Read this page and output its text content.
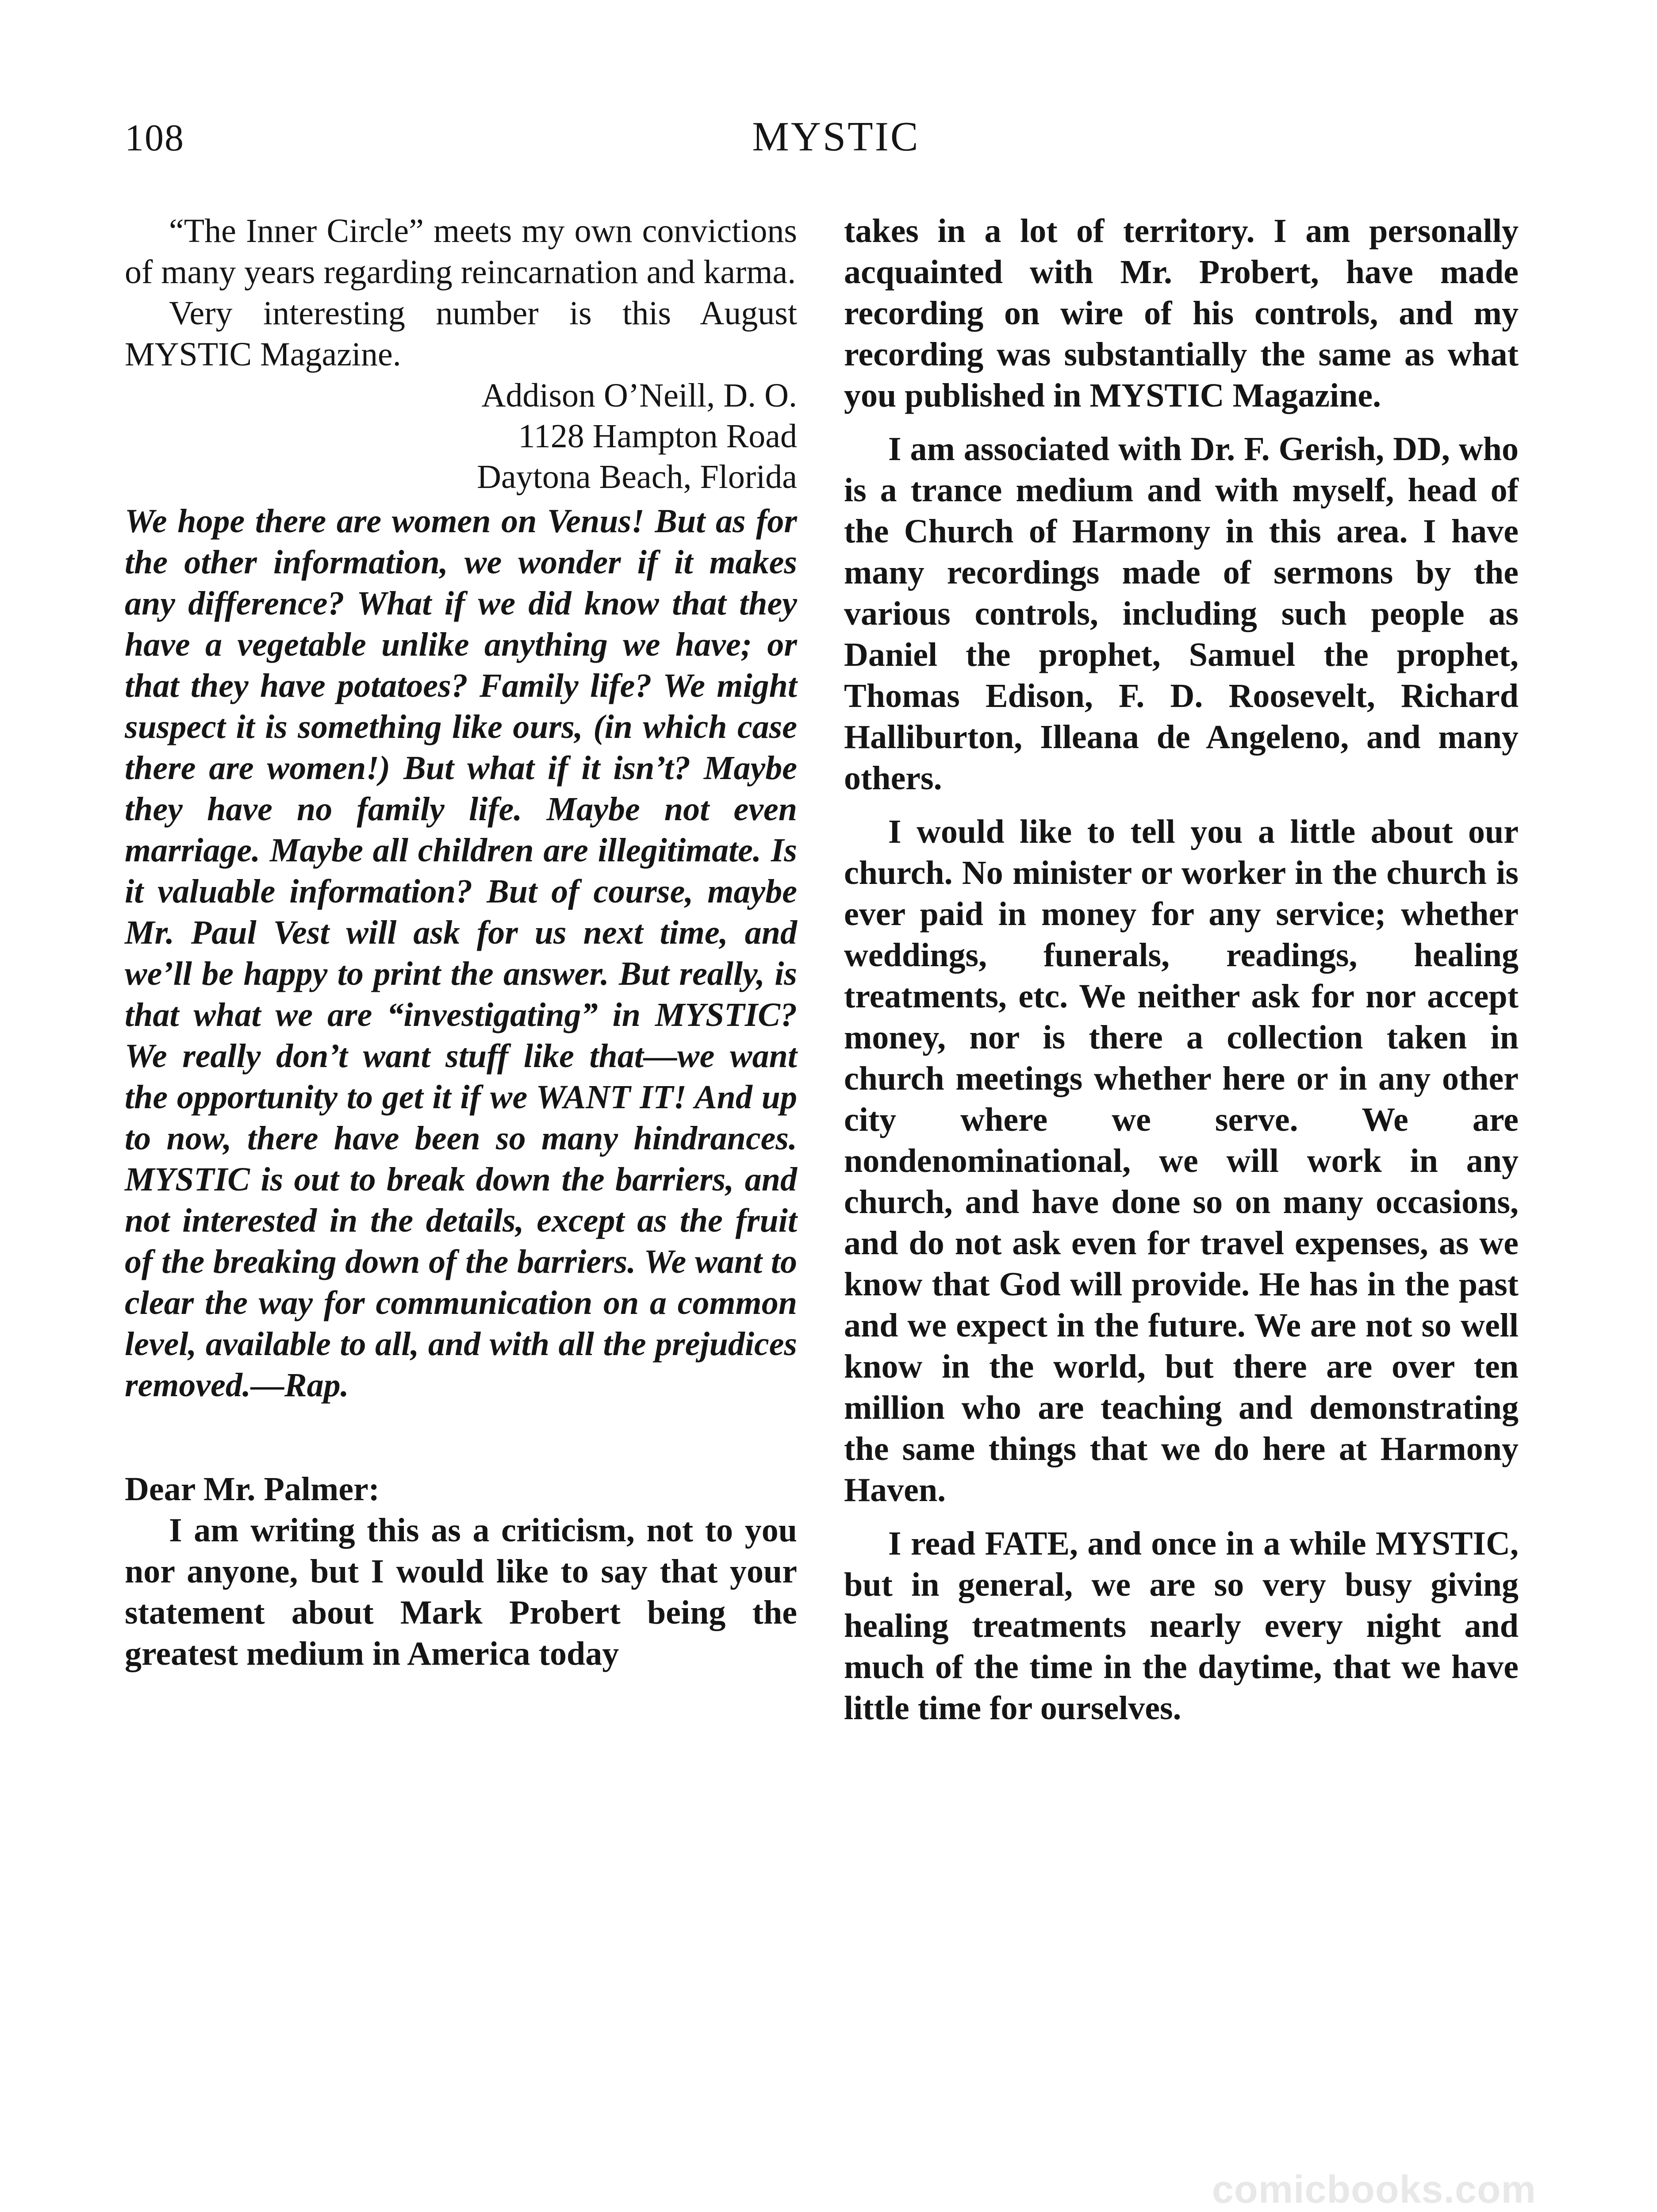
108	MYSTIC

“The Inner Circle” meets my own convictions of many years regarding reincarnation and karma.

Very interesting number is this August MYSTIC Magazine.

Addison O’Neill, D. O.
1128 Hampton Road
Daytona Beach, Florida

We hope there are women on Venus! But as for the other information, we wonder if it makes any difference? What if we did know that they have a vegetable unlike anything we have; or that they have potatoes? Family life? We might suspect it is something like ours, (in which case there are women!) But what if it isn’t? Maybe they have no family life. Maybe not even marriage. Maybe all children are illegitimate. Is it valuable information? But of course, maybe Mr. Paul Vest will ask for us next time, and we’ll be happy to print the answer. But really, is that what we are “investigating” in MYSTIC? We really don’t want stuff like that—we want the opportunity to get it if we WANT IT! And up to now, there have been so many hindrances. MYSTIC is out to break down the barriers, and not interested in the details, except as the fruit of the breaking down of the barriers. We want to clear the way for communication on a common level, available to all, and with all the prejudices removed.—Rap.

Dear Mr. Palmer:

I am writing this as a criticism, not to you nor anyone, but I would like to say that your statement about Mark Probert being the greatest medium in America today

takes in a lot of territory. I am personally acquainted with Mr. Probert, have made recording on wire of his controls, and my recording was substantially the same as what you published in MYSTIC Magazine.

I am associated with Dr. F. Gerish, DD, who is a trance medium and with myself, head of the Church of Harmony in this area. I have many recordings made of sermons by the various controls, including such people as Daniel the prophet, Samuel the prophet, Thomas Edison, F. D. Roosevelt, Richard Halliburton, Illeana de Angeleno, and many others.

I would like to tell you a little about our church. No minister or worker in the church is ever paid in money for any service; whether weddings, funerals, readings, healing treatments, etc. We neither ask for nor accept money, nor is there a collection taken in church meetings whether here or in any other city where we serve. We are nondenominational, we will work in any church, and have done so on many occasions, and do not ask even for travel expenses, as we know that God will provide. He has in the past and we expect in the future. We are not so well know in the world, but there are over ten million who are teaching and demonstrating the same things that we do here at Harmony Haven.

I read FATE, and once in a while MYSTIC, but in general, we are so very busy giving healing treatments nearly every night and much of the time in the daytime, that we have little time for ourselves.

comicbooks.com
